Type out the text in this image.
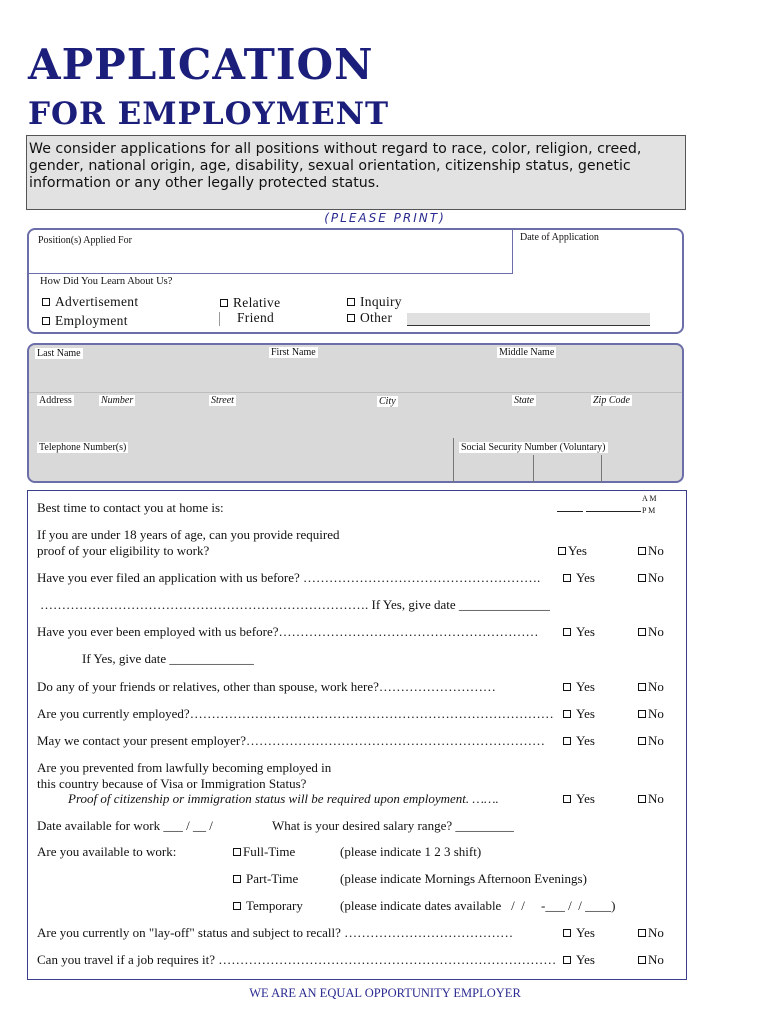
APPLICATION
FOR EMPLOYMENT
We consider applications for all positions without regard to race, color, religion, creed, gender, national origin, age, disability, sexual orientation, citizenship status, genetic information or any other legally protected status.
(PLEASE PRINT)
Position(s) Applied For	Date of Application
How Did You Learn About Us?
Advertisement
Employment
Relative
Friend
Inquiry
Other
Last Name	First Name	Middle Name
Address	Number	Street	City	State	Zip Code
Telephone Number(s)	Social Security Number (Voluntary)
Best time to contact you at home is:
A M
P M
If you are under 18 years of age, can you provide required
proof of your eligibility to work?	Yes	No
Have you ever filed an application with us before? ……………………………………………….	Yes	No
…………………………………………………………………. If Yes, give date ______________
Have you ever been employed with us before?……………………………………………………	Yes	No
If Yes, give date _____________
Do any of your friends or relatives, other than spouse, work here?………………………	Yes	No
Are you currently employed?…………………………………………………………………………	Yes	No
May we contact your present employer?……………………………………………………………	Yes	No
Are you prevented from lawfully becoming employed in
this country because of Visa or Immigration Status?
Proof of citizenship or immigration status will be required upon employment. …….	Yes	No
Date available for work ___ / __ /	What is your desired salary range? _________
Are you available to work:	Full-Time	(please indicate 1 2 3 shift)
Part-Time	(please indicate Mornings Afternoon Evenings)
Temporary	(please indicate dates available   /  /     -___ /  / ____)
Are you currently on "lay-off" status and subject to recall? …………………………………	Yes	No
Can you travel if a job requires it? ……………………………………………………………………	Yes	No
WE ARE AN EQUAL OPPORTUNITY EMPLOYER
